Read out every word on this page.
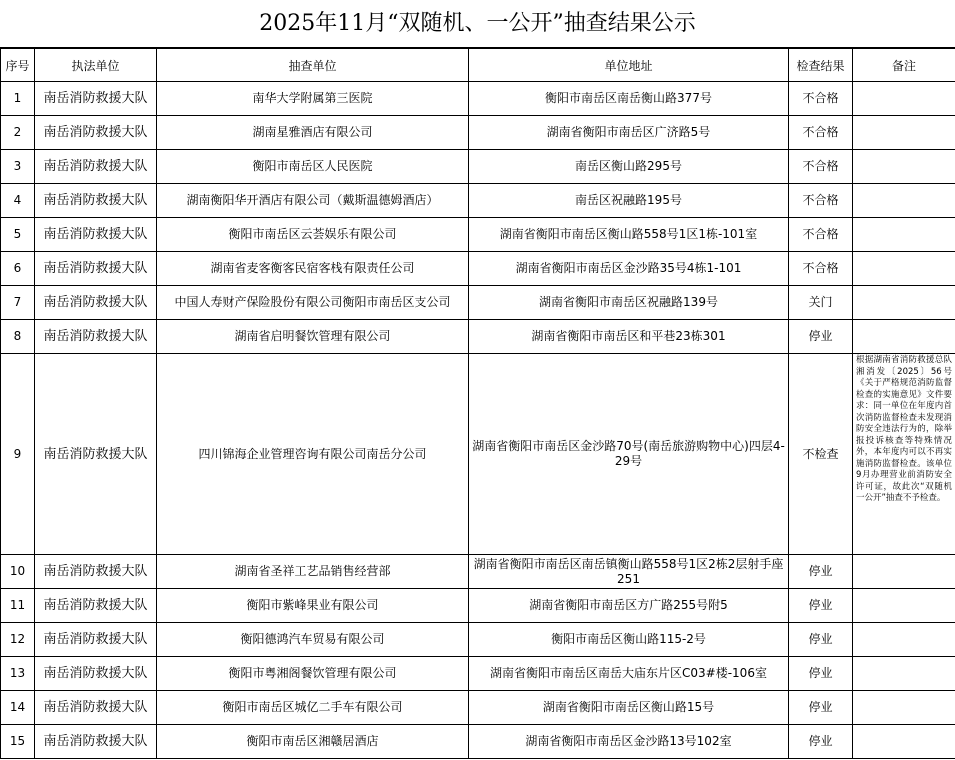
2025年11月“双随机、一公开”抽查结果公示
序号	执法单位	抽查单位	单位地址	检查结果	备注
1	南岳消防救援大队	南华大学附属第三医院	衡阳市南岳区南岳衡山路377号	不合格	
2	南岳消防救援大队	湖南星雅酒店有限公司	湖南省衡阳市南岳区广济路5号	不合格	
3	南岳消防救援大队	衡阳市南岳区人民医院	南岳区衡山路295号	不合格	
4	南岳消防救援大队	湖南衡阳华开酒店有限公司（戴斯温德姆酒店）	南岳区祝融路195号	不合格	
5	南岳消防救援大队	衡阳市南岳区云荟娱乐有限公司	湖南省衡阳市南岳区衡山路558号1区1栋-101室	不合格	
6	南岳消防救援大队	湖南省麦客衡客民宿客栈有限责任公司	湖南省衡阳市南岳区金沙路35号4栋1-101	不合格	
7	南岳消防救援大队	中国人寿财产保险股份有限公司衡阳市南岳区支公司	湖南省衡阳市南岳区祝融路139号	关门	
8	南岳消防救援大队	湖南省启明餐饮管理有限公司	湖南省衡阳市南岳区和平巷23栋301	停业	
9	南岳消防救援大队	四川锦海企业管理咨询有限公司南岳分公司	湖南省衡阳市南岳区金沙路70号(南岳旅游购物中心)四层4-29号	不检查	根据湖南省消防救援总队湘消发〔2025〕56号《关于严格规范消防监督检查的实施意见》文件要求：同一单位在年度内首次消防监督检查未发现消防安全违法行为的，除举报投诉核查等特殊情况外，本年度内可以不再实施消防监督检查。该单位9月办理营业前消防安全许可证，故此次“双随机一公开”抽查不予检查。
10	南岳消防救援大队	湖南省圣祥工艺品销售经营部	湖南省衡阳市南岳区南岳镇衡山路558号1区2栋2层射手座251	停业	
11	南岳消防救援大队	衡阳市紫峰果业有限公司	湖南省衡阳市南岳区方广路255号附5	停业	
12	南岳消防救援大队	衡阳德鸿汽车贸易有限公司	衡阳市南岳区衡山路115-2号	停业	
13	南岳消防救援大队	衡阳市粤湘阁餐饮管理有限公司	湖南省衡阳市南岳区南岳大庙东片区C03#楼-106室	停业	
14	南岳消防救援大队	衡阳市南岳区城亿二手车有限公司	湖南省衡阳市南岳区衡山路15号	停业	
15	南岳消防救援大队	衡阳市南岳区湘赣居酒店	湖南省衡阳市南岳区金沙路13号102室	停业	
